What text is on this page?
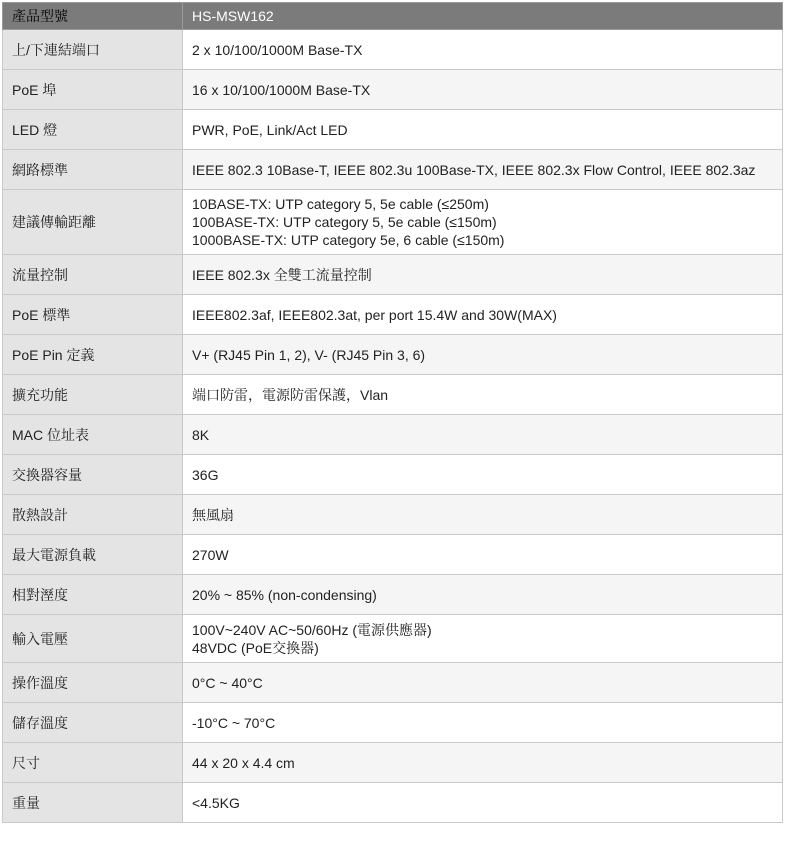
產品型號	HS-MSW162
上/下連結端口	2 x 10/100/1000M Base-TX

PoE 埠	16 x 10/100/1000M Base-TX

LED 燈	PWR, PoE, Link/Act LED

網路標準	IEEE 802.3 10Base-T, IEEE 802.3u 100Base-TX, IEEE 802.3x Flow Control, IEEE 802.3az

建議傳輸距離	10BASE-TX: UTP category 5, 5e cable (≤250m)
100BASE-TX: UTP category 5, 5e cable (≤150m)
1000BASE-TX: UTP category 5e, 6 cable (≤150m)

流量控制	IEEE 802.3x 全雙工流量控制

PoE 標準	IEEE802.3af, IEEE802.3at, per port 15.4W and 30W(MAX)

PoE Pin 定義	V+ (RJ45 Pin 1, 2), V- (RJ45 Pin 3, 6)

擴充功能	端口防雷，電源防雷保護，Vlan

MAC 位址表	8K

交換器容量	36G

散熱設計	無風扇

最大電源負載	270W

相對溼度	20% ~ 85% (non-condensing)

輸入電壓	100V~240V AC~50/60Hz (電源供應器)
48VDC (PoE交換器)

操作溫度	0°C ~ 40°C

儲存溫度	-10°C ~ 70°C

尺寸	44 x 20 x 4.4 cm

重量	<4.5KG
